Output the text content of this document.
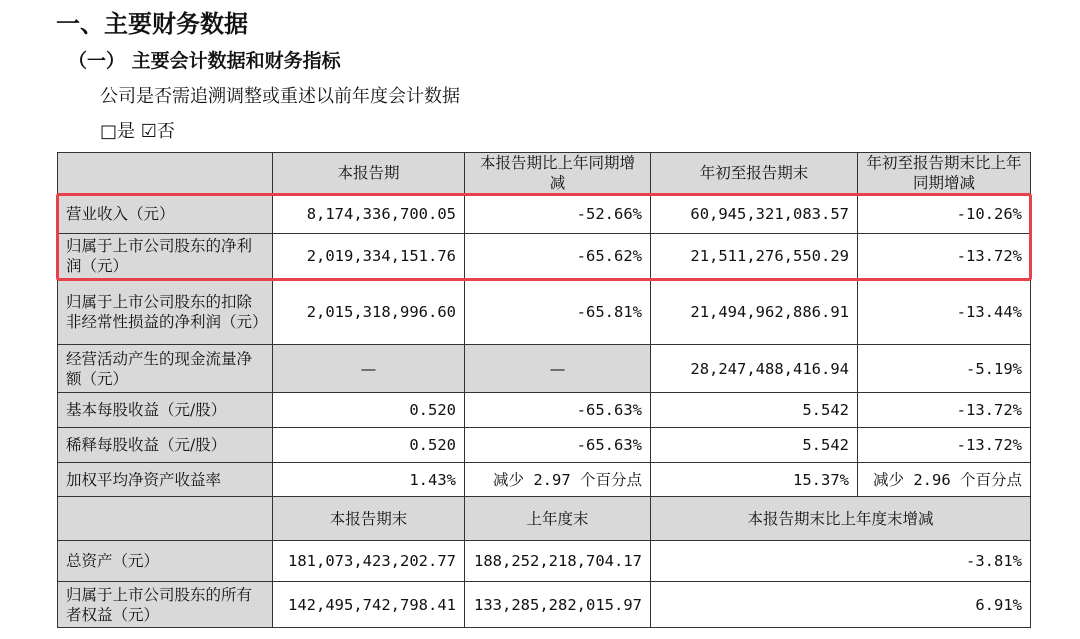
一、主要财务数据
（一） 主要会计数据和财务指标
公司是否需追溯调整或重述以前年度会计数据
□是 ☑否
	本报告期	本报告期比上年同期增减	年初至报告期末	年初至报告期末比上年同期增减
营业收入（元）	8,174,336,700.05	-52.66%	60,945,321,083.57	-10.26%
归属于上市公司股东的净利润（元）	2,019,334,151.76	-65.62%	21,511,276,550.29	-13.72%
归属于上市公司股东的扣除非经常性损益的净利润（元）	2,015,318,996.60	-65.81%	21,494,962,886.91	-13.44%
经营活动产生的现金流量净额（元）	—	—	28,247,488,416.94	-5.19%
基本每股收益（元/股）	0.520	-65.63%	5.542	-13.72%
稀释每股收益（元/股）	0.520	-65.63%	5.542	-13.72%
加权平均净资产收益率	1.43%	减少 2.97 个百分点	15.37%	减少 2.96 个百分点
	本报告期末	上年度末	本报告期末比上年度末增减	
总资产（元）	181,073,423,202.77	188,252,218,704.17	-3.81%	
归属于上市公司股东的所有者权益（元）	142,495,742,798.41	133,285,282,015.97	6.91%	
